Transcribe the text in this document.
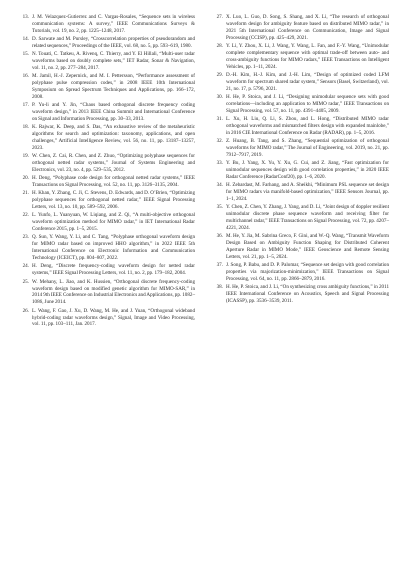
13. J. M. Velazquez-Gutierrez and C. Vargas-Rosales, “Sequence sets in wireless communication systems: A survey,” IEEE Communications Surveys & Tutorials, vol. 19, no. 2, pp. 1225–1248, 2017.
14. D. Sarwate and M. Pursley, “Crosscorrelation properties of pseudorandom and related sequences,” Proceedings of the IEEE, vol. 68, no. 5, pp. 593–619, 1980.
15. N. Touati, C. Tatkeu, A. Rivenq, C. Thierry, and Y. El Hillali, “Multi-user radar waveforms based on doubly complete sets,” IET Radar, Sonar & Navigation, vol. 11, no. 2, pp. 277–284, 2017.
16. M. Jamil, H.-J. Zepernick, and M. I. Pettersson, “Performance assessment of polyphase pulse compression codes,” in 2008 IEEE 10th International Symposium on Spread Spectrum Techniques and Applications, pp. 166–172, 2008.
17. P. Yu-li and Y. Jin, “Chaos based orthogonal discrete frequency coding waveform design,” in 2013 IEEE China Summit and International Conference on Signal and Information Processing, pp. 30–33, 2013.
18. K. Rajwar, K. Deep, and S. Das, “An exhaustive review of the metaheuristic algorithms for search and optimization: taxonomy, applications, and open challenges,” Artificial Intelligence Review, vol. 56, no. 11, pp. 13187–13257, 2023.
19. W. Chen, Z. Cai, R. Chen, and Z. Zhuo, “Optimizing polyphase sequences for orthogonal netted radar systems,” Journal of Systems Engineering and Electronics, vol. 23, no. 4, pp. 529–535, 2012.
20. H. Deng, “Polyphase code design for orthogonal netted radar systems,” IEEE Transactions on Signal Processing, vol. 52, no. 11, pp. 3126–3135, 2004.
21. H. Khan, Y. Zhang, C. Ji, C. Stevens, D. Edwards, and D. O’Brien, “Optimizing polyphase sequences for orthogonal netted radar,” IEEE Signal Processing Letters, vol. 13, no. 10, pp. 589–592, 2006.
22. L. Yunfo, L. Yuanyuan, W. Liqiang, and Z. Qi, “A multi-objective orthogonal waveform optimization method for MIMO radar,” in IET International Radar Conference 2015, pp. 1–5, 2015.
23. Q. Sun, Y. Wang, Y. Li, and C. Tang, “Polyphase orthogonal waveform design for MIMO radar based on improved HHO algorithm,” in 2022 IEEE 5th International Conference on Electronic Information and Communication Technology (ICEICT), pp. 804–807, 2022.
24. H. Deng, “Discrete frequency-coding waveform design for netted radar systems,” IEEE Signal Processing Letters, vol. 11, no. 2, pp. 179–182, 2004.
25. W. Mehany, L. Jiao, and K. Hussien, “Orthogonal discrete frequency-coding waveform design based on modified genetic algorithm for MIMO-SAR,” in 2014 9th IEEE Conference on Industrial Electronics and Applications, pp. 1082–1086, June 2014.
26. L. Wang, F. Gao, J. Xu, D. Wang, M. He, and J. Yuan, “Orthogonal wideband hybrid-coding radar waveforms design,” Signal, Image and Video Processing, vol. 11, pp. 103–111, Jan. 2017.
27. X. Luo, L. Guo, D. Song, S. Shang, and X. Li, “The research of orthogonal waveform design for ambiguity feature based on distributed MIMO radar,” in 2021 5th International Conference on Communication, Image and Signal Processing (CCISP), pp. 425–429, 2021.
28. Y. Li, Y. Zhou, X. Li, J. Wang, Y. Wang, L. Fan, and F.-Y. Wang, “Unimodular complete complementary sequence with optimal trade-off between auto- and cross-ambiguity functions for MIMO radars,” IEEE Transactions on Intelligent Vehicles, pp. 1–11, 2024.
29. D.-H. Kim, H.-J. Kim, and J.-H. Lim, “Design of optimized coded LFM waveform for spectrum shared radar system,” Sensors (Basel, Switzerland), vol. 21, no. 17, p. 5796, 2021.
30. H. He, P. Stoica, and J. Li, “Designing unimodular sequence sets with good correlations—including an application to MIMO radar,” IEEE Transactions on Signal Processing, vol. 57, no. 11, pp. 4391–4405, 2009.
31. L. Xu, H. Liu, Q. Li, S. Zhou, and L. Hong, “Distributed MIMO radar orthogonal waveforms and mismatched filters design with expanded mainlobe,” in 2016 CIE International Conference on Radar (RADAR), pp. 1–5, 2016.
32. Z. Huang, B. Tang, and S. Zhang, “Sequential optimization of orthogonal waveforms for MIMO radar,” The Journal of Engineering, vol. 2019, no. 21, pp. 7912–7917, 2019.
33. Y. Bu, J. Yang, X. Yu, Y. Xu, G. Cui, and Z. Jiang, “Fast optimization for unimodular sequences design with good correlation properties,” in 2020 IEEE Radar Conference (RadarConf20), pp. 1–6, 2020.
34. H. Zebardast, M. Farhang, and A. Sheikhi, “Minimum PSL sequence set design for MIMO radars via manifold-based optimization,” IEEE Sensors Journal, pp. 1–1, 2024.
35. Y. Chen, Z. Chen, Y. Zhang, J. Yang, and D. Li, “Joint design of doppler resilient unimodular discrete phase sequence waveform and receiving filter for multichannel radar,” IEEE Transactions on Signal Processing, vol. 72, pp. 4207–4221, 2024.
36. M. He, Y. Jia, M. Sabrina Greco, F. Gini, and W.-Q. Wang, “Transmit Waveform Design Based on Ambiguity Function Shaping for Distributed Coherent Aperture Radar in MIMO Mode,” IEEE Geoscience and Remote Sensing Letters, vol. 21, pp. 1–5, 2024.
37. J. Song, P. Babu, and D. P. Palomar, “Sequence set design with good correlation properties via majorization-minimization,” IEEE Transactions on Signal Processing, vol. 64, no. 11, pp. 2866–2879, 2016.
38. H. He, P. Stoica, and J. Li, “On synthesizing cross ambiguity functions,” in 2011 IEEE International Conference on Acoustics, Speech and Signal Processing (ICASSP), pp. 3536–3539, 2011.
